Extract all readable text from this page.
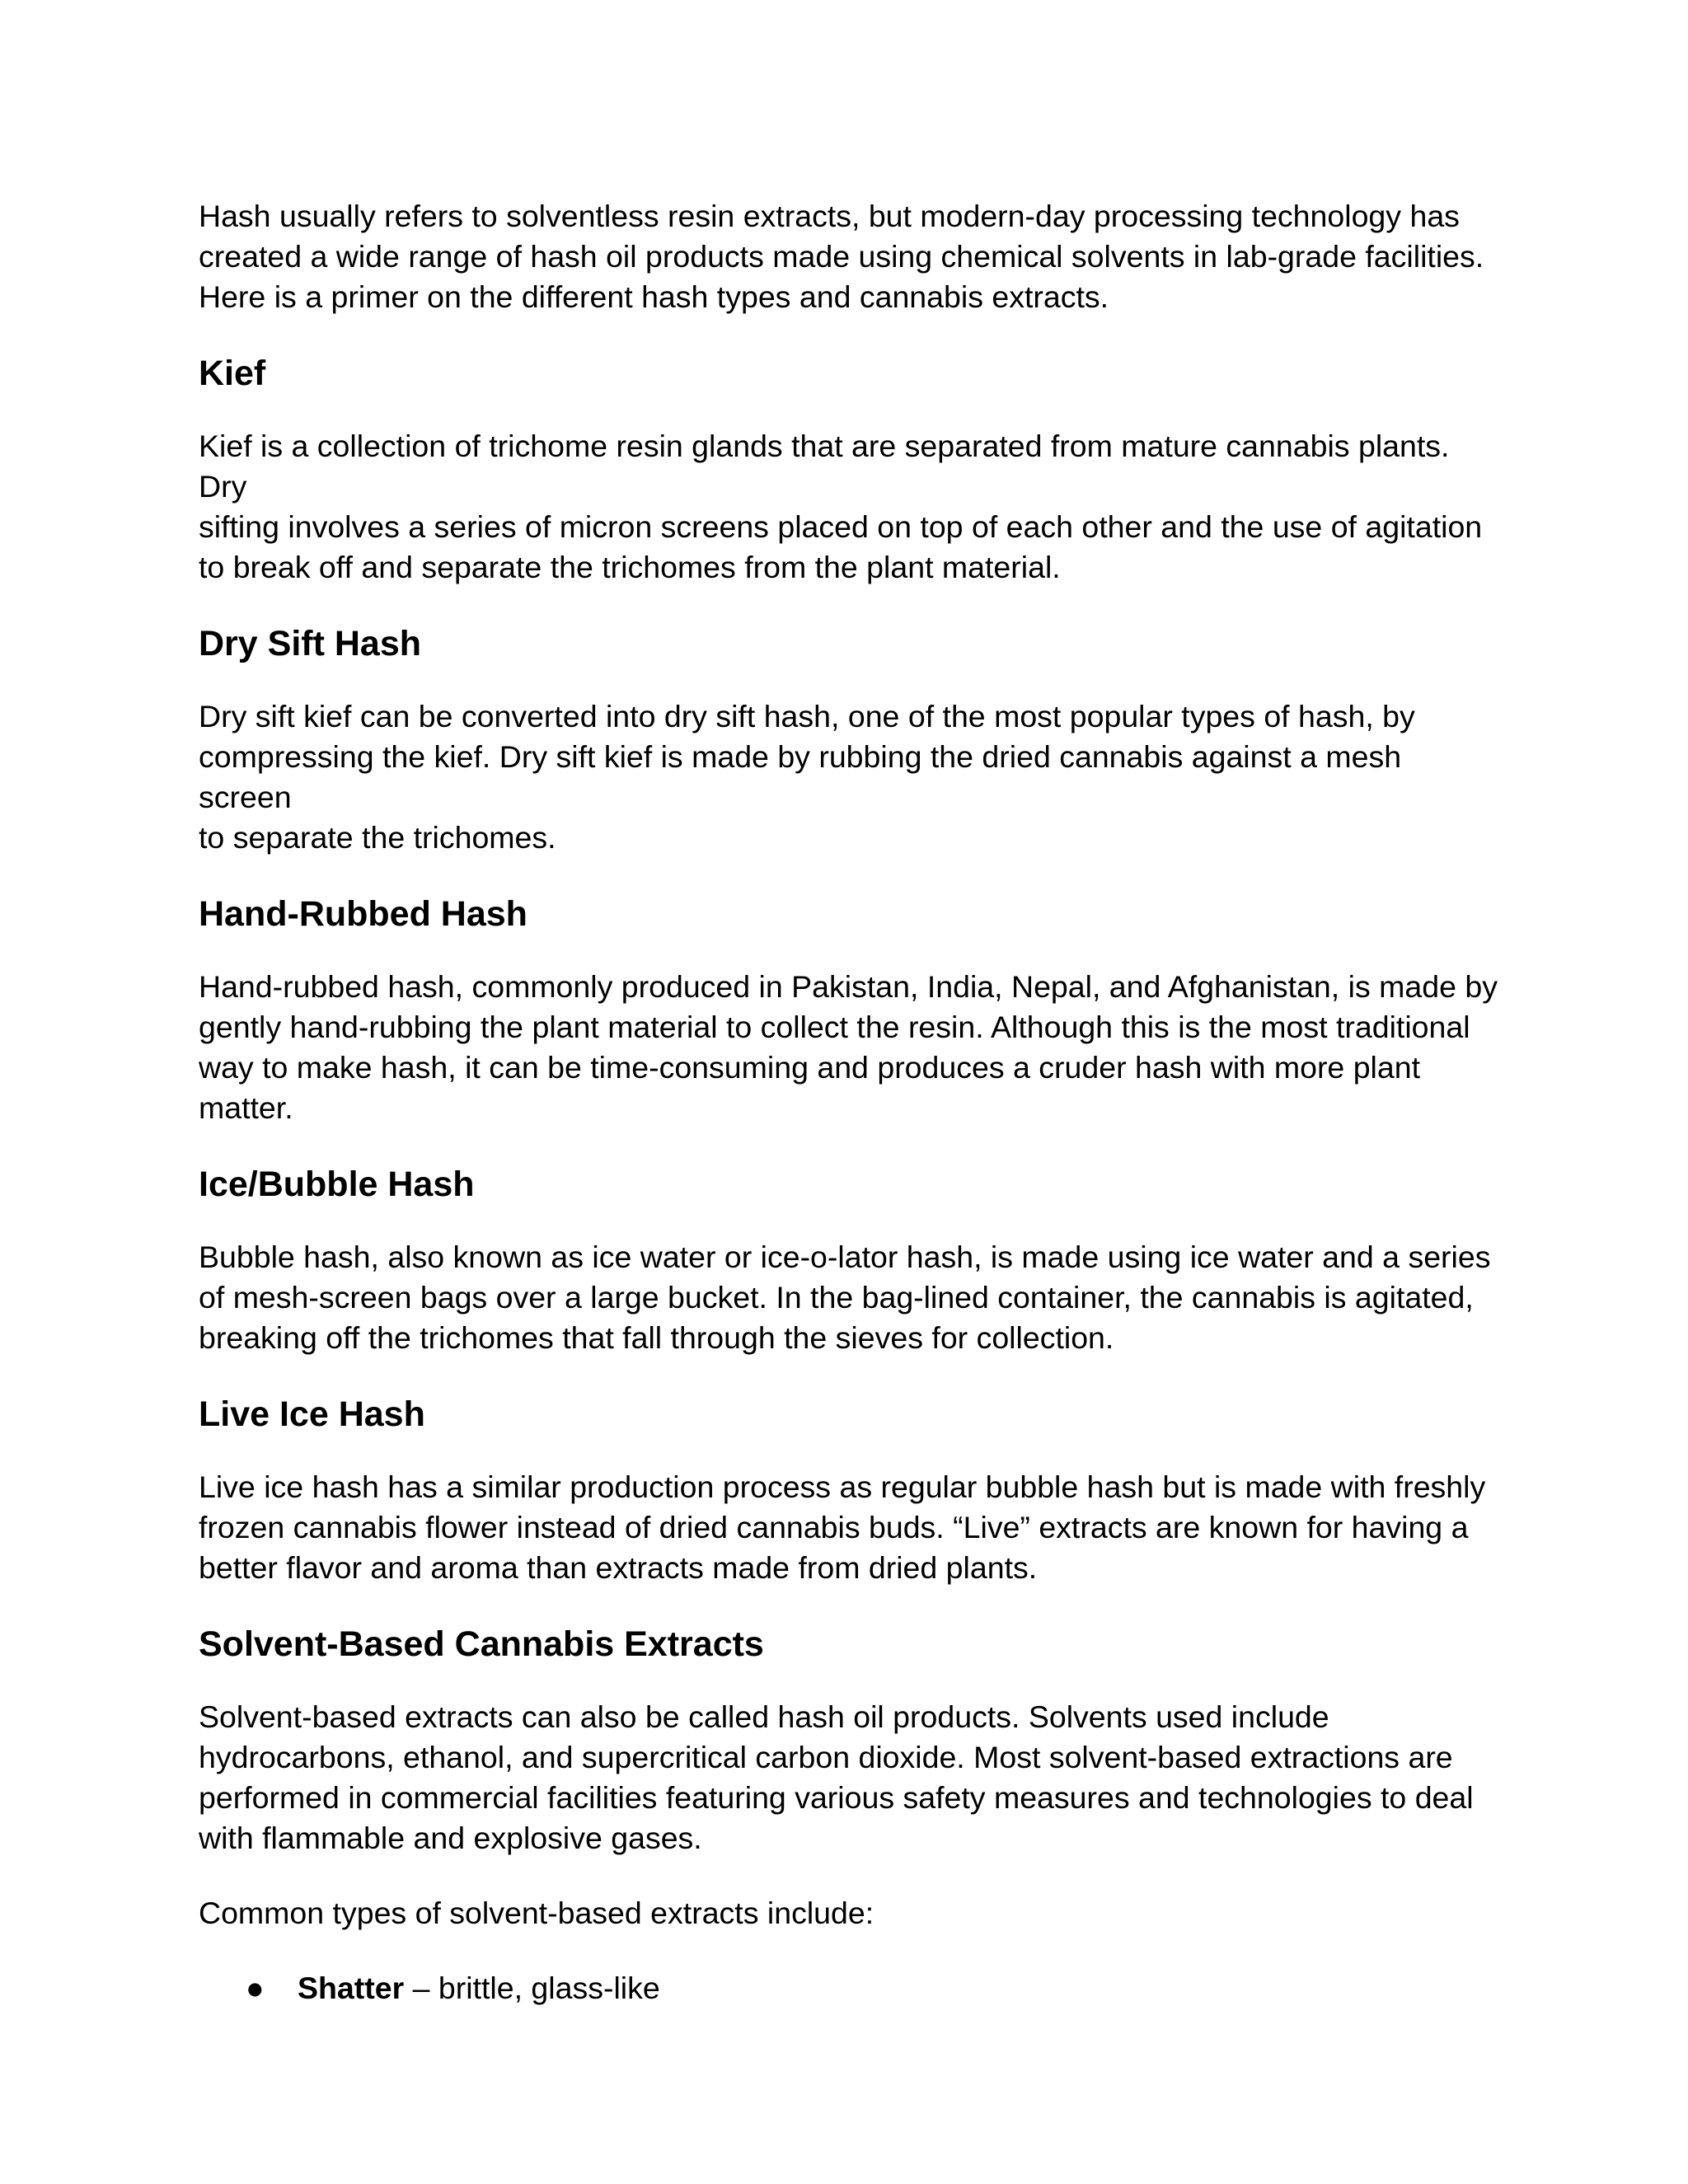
Hash usually refers to solventless resin extracts, but modern-day processing technology has
created a wide range of hash oil products made using chemical solvents in lab-grade facilities.
Here is a primer on the different hash types and cannabis extracts.
Kief
Kief is a collection of trichome resin glands that are separated from mature cannabis plants. Dry
sifting involves a series of micron screens placed on top of each other and the use of agitation
to break off and separate the trichomes from the plant material.
Dry Sift Hash
Dry sift kief can be converted into dry sift hash, one of the most popular types of hash, by
compressing the kief. Dry sift kief is made by rubbing the dried cannabis against a mesh screen
to separate the trichomes.
Hand-Rubbed Hash
Hand-rubbed hash, commonly produced in Pakistan, India, Nepal, and Afghanistan, is made by
gently hand-rubbing the plant material to collect the resin. Although this is the most traditional
way to make hash, it can be time-consuming and produces a cruder hash with more plant
matter.
Ice/Bubble Hash
Bubble hash, also known as ice water or ice-o-lator hash, is made using ice water and a series
of mesh-screen bags over a large bucket. In the bag-lined container, the cannabis is agitated,
breaking off the trichomes that fall through the sieves for collection.
Live Ice Hash
Live ice hash has a similar production process as regular bubble hash but is made with freshly
frozen cannabis flower instead of dried cannabis buds. “Live” extracts are known for having a
better flavor and aroma than extracts made from dried plants.
Solvent-Based Cannabis Extracts
Solvent-based extracts can also be called hash oil products. Solvents used include
hydrocarbons, ethanol, and supercritical carbon dioxide. Most solvent-based extractions are
performed in commercial facilities featuring various safety measures and technologies to deal
with flammable and explosive gases.
Common types of solvent-based extracts include:
●	Shatter – brittle, glass-like
